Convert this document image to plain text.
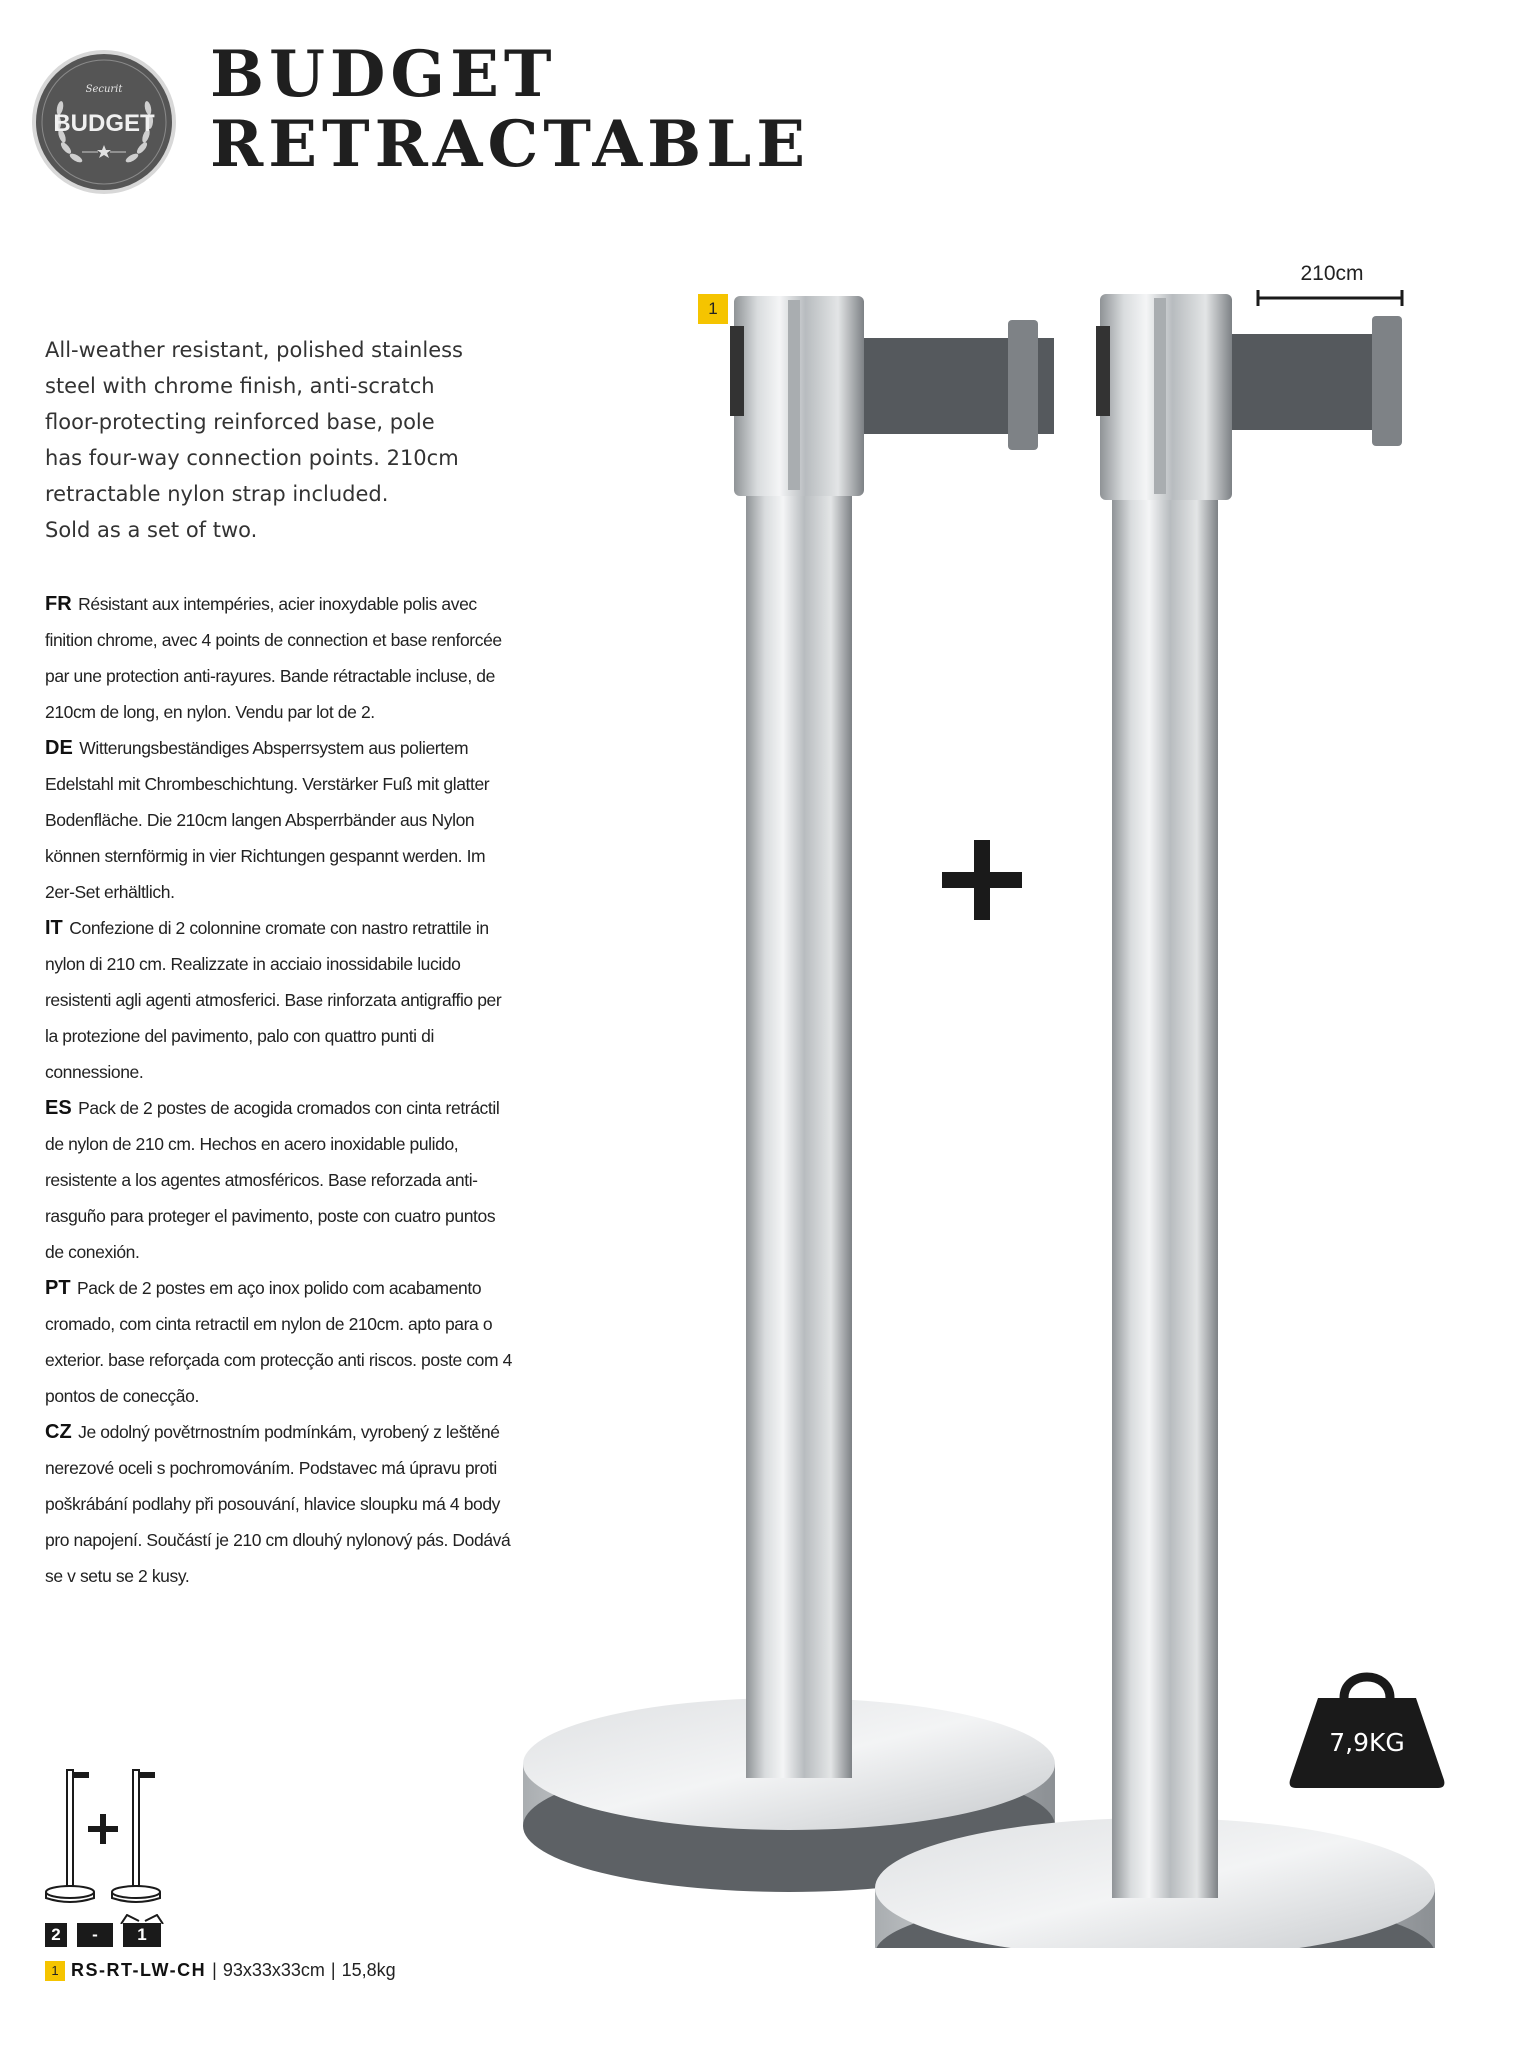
Securit
BUDGET
BUDGET
RETRACTABLE
All-weather resistant, polished stainless
steel with chrome finish, anti-scratch
floor-protecting reinforced base, pole
has four-way connection points. 210cm
retractable nylon strap included.
Sold as a set of two.

FR Résistant aux intempéries, acier inoxydable polis avec finition chrome, avec 4 points de connection et base renforcée par une protection anti-rayures. Bande rétractable incluse, de 210cm de long, en nylon. Vendu par lot de 2.

DE Witterungsbeständiges Absperrsystem aus poliertem Edelstahl mit Chrombeschichtung. Verstärker Fuß mit glatter Bodenfläche. Die 210cm langen Absperrbänder aus Nylon können sternförmig in vier Richtungen gespannt werden. Im 2er-Set erhältlich.

IT Confezione di 2 colonnine cromate con nastro retrattile in nylon di 210 cm. Realizzate in acciaio inossidabile lucido resistenti agli agenti atmosferici. Base rinforzata antigraffio per la protezione del pavimento, palo con quattro punti di connessione.

ES Pack de 2 postes de acogida cromados con cinta retráctil de nylon de 210 cm. Hechos en acero inoxidable pulido, resistente a los agentes atmosféricos. Base reforzada anti-rasguño para proteger el pavimento, poste con cuatro puntos de conexión.

PT Pack de 2 postes em aço inox polido com acabamento cromado, com cinta retractil em nylon de 210cm. apto para o exterior. base reforçada com protecção anti riscos. poste com 4 pontos de conecção.

CZ Je odolný povětrnostním podmínkám, vyrobený z leštěné nerezové oceli s pochromováním. Podstavec má úpravu proti poškrábání podlahy při posouvání, hlavice sloupku má 4 body pro napojení. Součástí je 210 cm dlouhý nylonový pás. Dodává se v setu se 2 kusy.

210cm
1
7,9KG
2	-	1
1 RS-RT-LW-CH | 93x33x33cm | 15,8kg
